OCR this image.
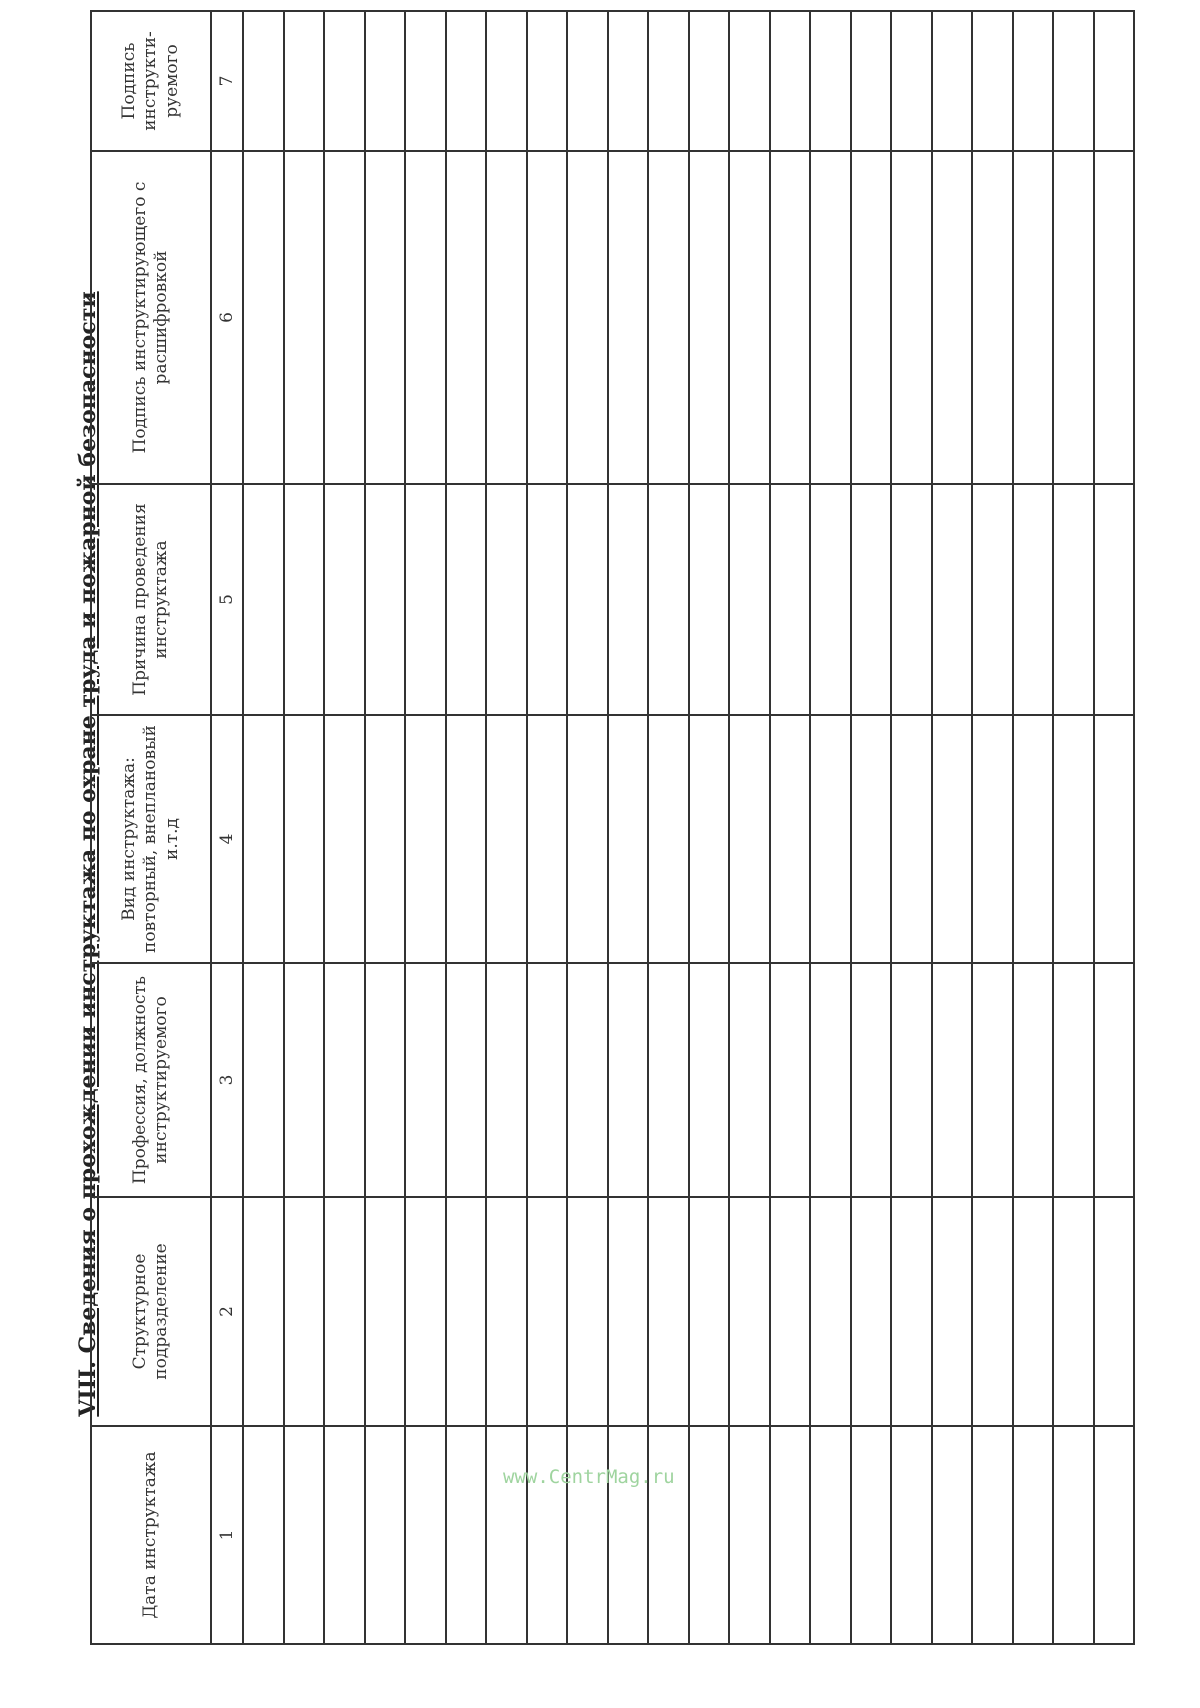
VIII. Сведения о прохождении инструктажа по охране труда и пожарной безопасности
Дата инструктажа	Структурное подразделение	Профессия, должность инструктируемого	Вид инструктажа: повторный, внеплановый и.т.д	Причина проведения инструктажа	Подпись инструктирующего с расшифровкой	Подпись инструкти-руемого
1	2	3	4	5	6	7

www.CentrMag.ru
